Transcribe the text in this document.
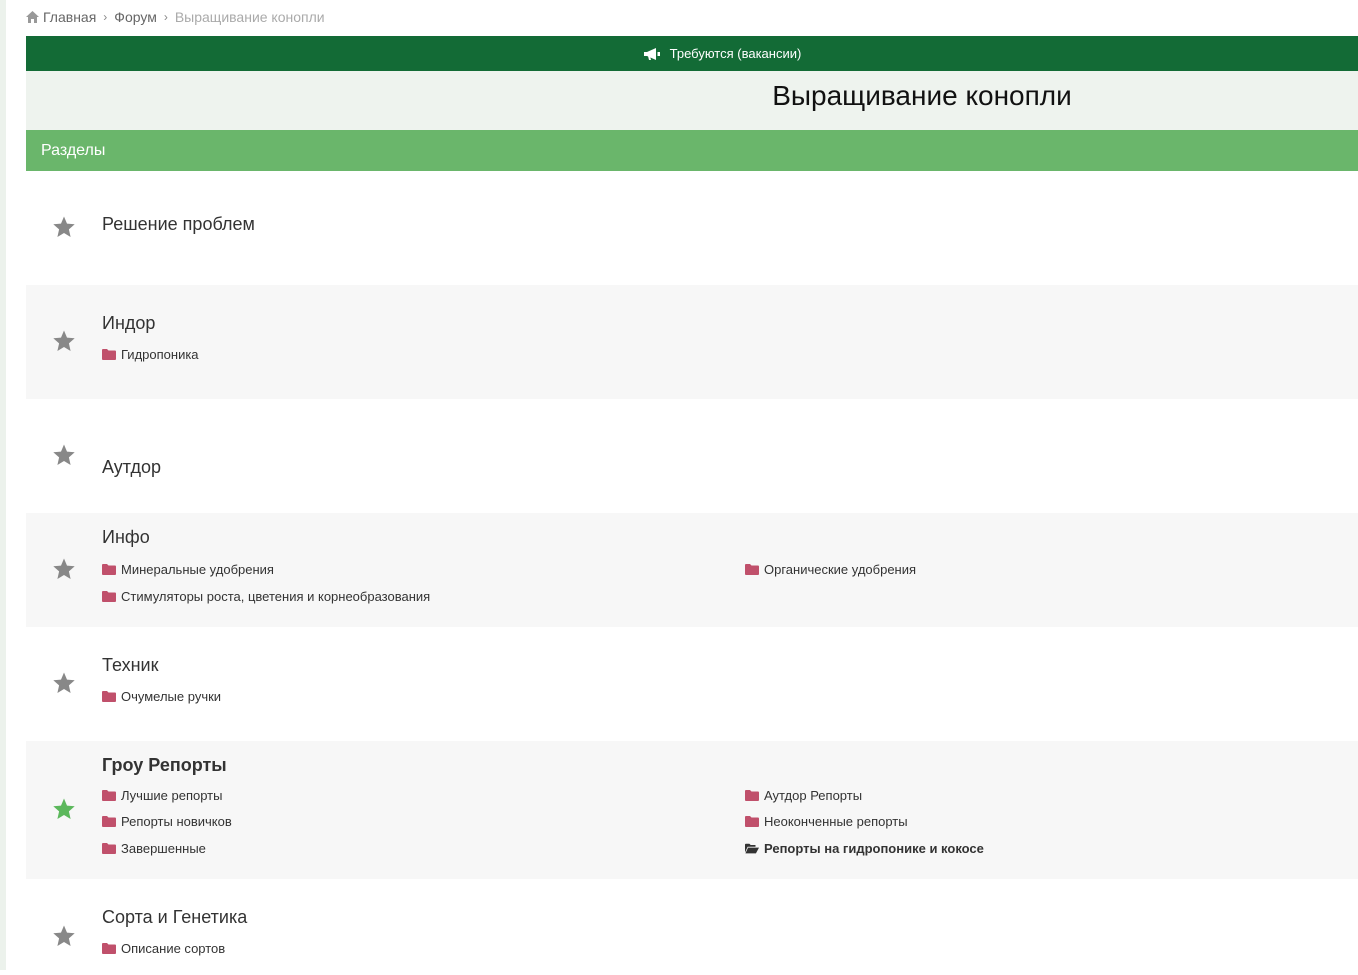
Главная › Форум › Выращивание конопли
Требуются (вакансии)
Выращивание конопли
Разделы
Решение проблем
Индор
Гидропоника
Аутдор
Инфо
Минеральные удобрения	Органические удобрения
Стимуляторы роста, цветения и корнеобразования
Техник
Очумелые ручки
Гроу Репорты
Лучшие репорты	Аутдор Репорты
Репорты новичков	Неоконченные репорты
Завершенные	Репорты на гидропонике и кокосе
Сорта и Генетика
Описание сортов
